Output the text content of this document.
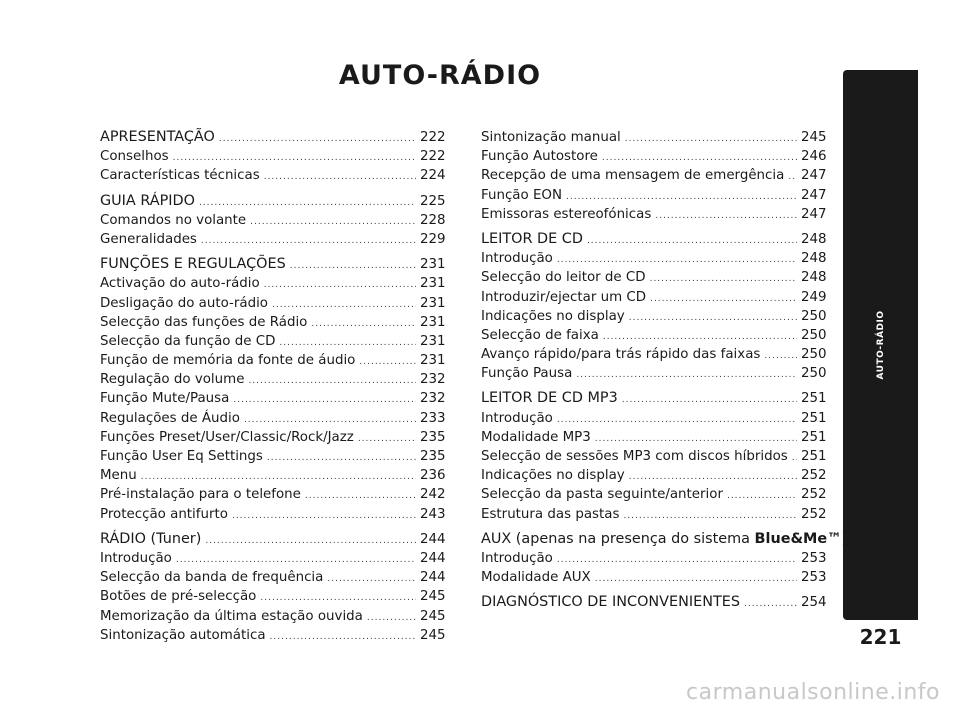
AUTO-RÁDIO
APRESENTAÇÃO .....	222
Conselhos .....	222
Características técnicas .....	224
GUIA RÁPIDO .....	225
Comandos no volante .....	228
Generalidades .....	229
FUNÇÕES E REGULAÇÕES .....	231
Activação do auto-rádio .....	231
Desligação do auto-rádio .....	231
Selecção das funções de Rádio .....	231
Selecção da função de CD .....	231
Função de memória da fonte de áudio .....	231
Regulação do volume .....	232
Função Mute/Pausa .....	232
Regulações de Áudio .....	233
Funções Preset/User/Classic/Rock/Jazz .....	235
Função User Eq Settings .....	235
Menu .....	236
Pré-instalação para o telefone .....	242
Protecção antifurto .....	243
RÁDIO (Tuner) .....	244
Introdução .....	244
Selecção da banda de frequência .....	244
Botões de pré-selecção .....	245
Memorização da última estação ouvida .....	245
Sintonização automática .....	245
Sintonização manual .....	245
Função Autostore .....	246
Recepção de uma mensagem de emergência ..... 247
Função EON .....	247
Emissoras estereofónicas .....	247
LEITOR DE CD .....	248
Introdução .....	248
Selecção do leitor de CD .....	248
Introduzir/ejectar um CD .....	249
Indicações no display .....	250
Selecção de faixa .....	250
Avanço rápido/para trás rápido das faixas .....	250
Função Pausa .....	250
LEITOR DE CD MP3 .....	251
Introdução .....	251
Modalidade MP3 .....	251
Selecção de sessões MP3 com discos híbridos ..... 251
Indicações no display .....	252
Selecção da pasta seguinte/anterior .....	252
Estrutura das pastas .....	252
AUX (apenas na presença do sistema Blue&Me™
Introdução .....	253
Modalidade AUX .....	253
DIAGNÓSTICO DE INCONVENIENTES .....	254
AUTO-RÁDIO
221
carmanualsonline.info
